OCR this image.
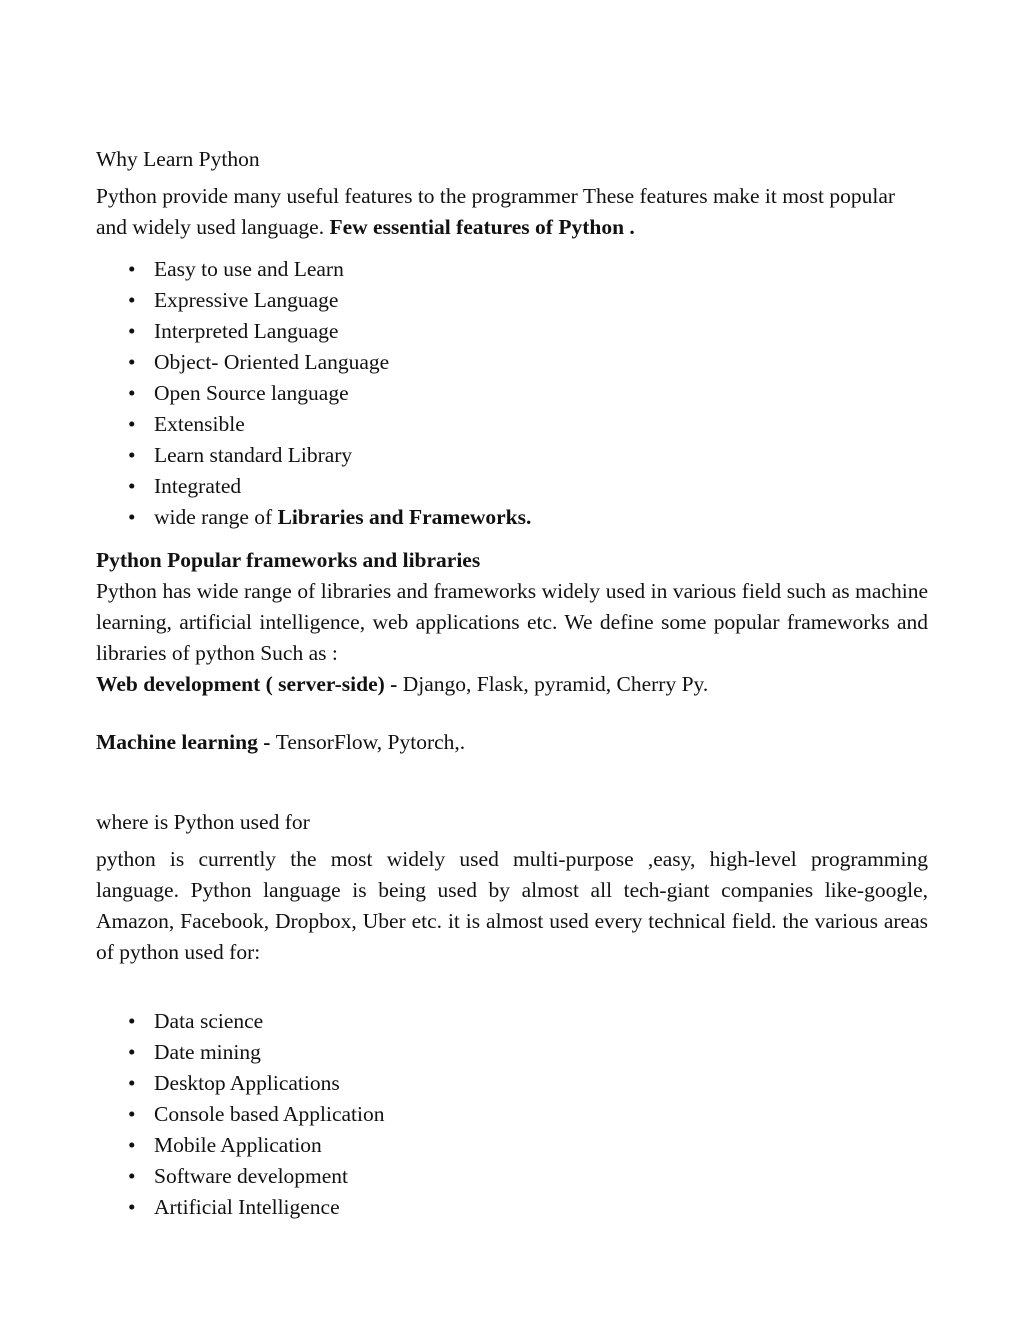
Why Learn Python

Python provide many useful features to the programmer These features make it most popular and widely used language. Few essential features of Python .

• Easy to use and Learn
• Expressive Language
• Interpreted Language
• Object- Oriented Language
• Open Source language
• Extensible
• Learn standard Library
• Integrated
• wide range of Libraries and Frameworks.

Python Popular frameworks and libraries

Python has wide range of libraries and frameworks widely used in various field such as machine learning, artificial intelligence, web applications etc. We define some popular frameworks and libraries of python Such as :

Web development ( server-side) - Django, Flask, pyramid, Cherry Py.

Machine learning - TensorFlow, Pytorch,.

where is Python used for

python is currently the most widely used multi-purpose ,easy, high-level programming language. Python language is being used by almost all tech-giant companies like-google, Amazon, Facebook, Dropbox, Uber etc. it is almost used every technical field. the various areas of python used for:

• Data science
• Date mining
• Desktop Applications
• Console based Application
• Mobile Application
• Software development
• Artificial Intelligence
